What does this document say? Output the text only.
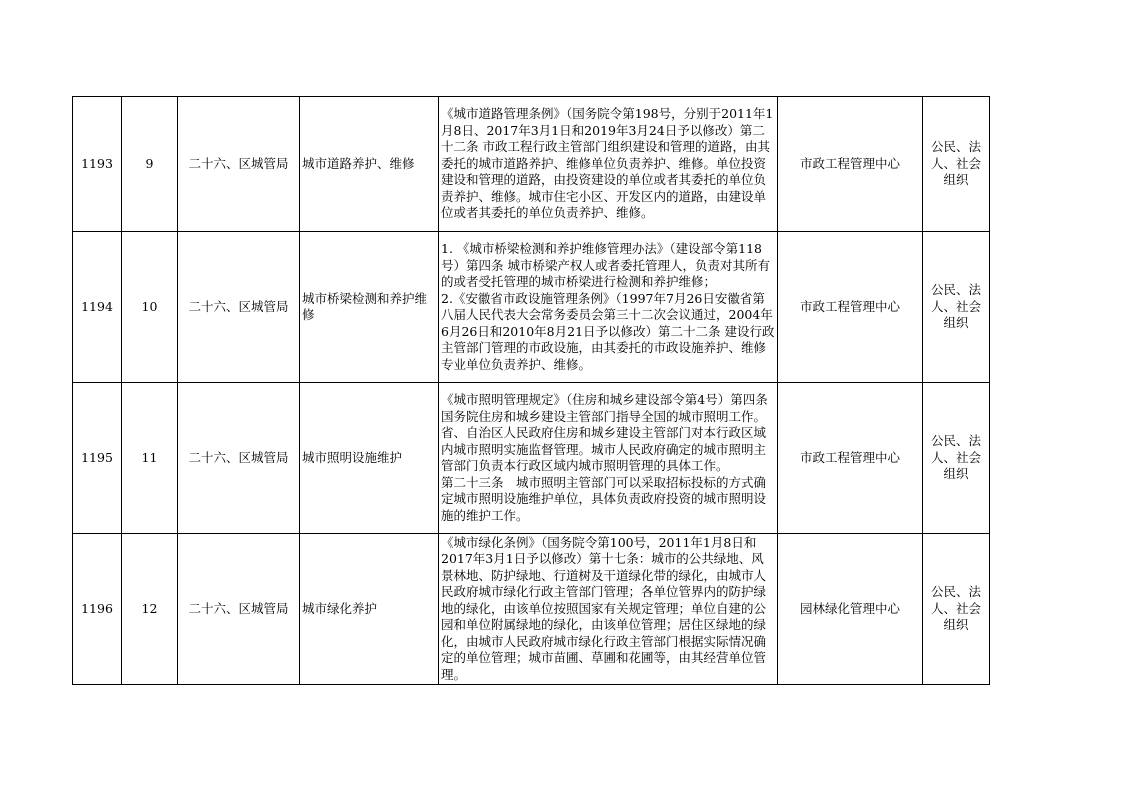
1193	9	二十六、区城管局	城市道路养护、维修	《城市道路管理条例》（国务院令第198号，分别于2011年1月8日、2017年3月1日和2019年3月24日予以修改）第二十二条 市政工程行政主管部门组织建设和管理的道路，由其委托的城市道路养护、维修单位负责养护、维修。单位投资建设和管理的道路，由投资建设的单位或者其委托的单位负责养护、维修。城市住宅小区、开发区内的道路，由建设单位或者其委托的单位负责养护、维修。	市政工程管理中心	公民、法人、社会组织
1194	10	二十六、区城管局	城市桥梁检测和养护维修	1. 《城市桥梁检测和养护维修管理办法》（建设部令第118号）第四条 城市桥梁产权人或者委托管理人，负责对其所有的或者受托管理的城市桥梁进行检测和养护维修；
2.《安徽省市政设施管理条例》（1997年7月26日安徽省第八届人民代表大会常务委员会第三十二次会议通过，2004年6月26日和2010年8月21日予以修改）第二十二条 建设行政主管部门管理的市政设施，由其委托的市政设施养护、维修专业单位负责养护、维修。	市政工程管理中心	公民、法人、社会组织
1195	11	二十六、区城管局	城市照明设施维护	《城市照明管理规定》（住房和城乡建设部令第4号）第四条　国务院住房和城乡建设主管部门指导全国的城市照明工作。省、自治区人民政府住房和城乡建设主管部门对本行政区域内城市照明实施监督管理。城市人民政府确定的城市照明主管部门负责本行政区域内城市照明管理的具体工作。
第二十三条　城市照明主管部门可以采取招标投标的方式确定城市照明设施维护单位，具体负责政府投资的城市照明设施的维护工作。	市政工程管理中心	公民、法人、社会组织
1196	12	二十六、区城管局	城市绿化养护	《城市绿化条例》（国务院令第100号，2011年1月8日和2017年3月1日予以修改）第十七条：城市的公共绿地、风景林地、防护绿地、行道树及干道绿化带的绿化，由城市人民政府城市绿化行政主管部门管理；各单位管界内的防护绿地的绿化，由该单位按照国家有关规定管理；单位自建的公园和单位附属绿地的绿化，由该单位管理；居住区绿地的绿化，由城市人民政府城市绿化行政主管部门根据实际情况确定的单位管理；城市苗圃、草圃和花圃等，由其经营单位管理。	园林绿化管理中心	公民、法人、社会组织
